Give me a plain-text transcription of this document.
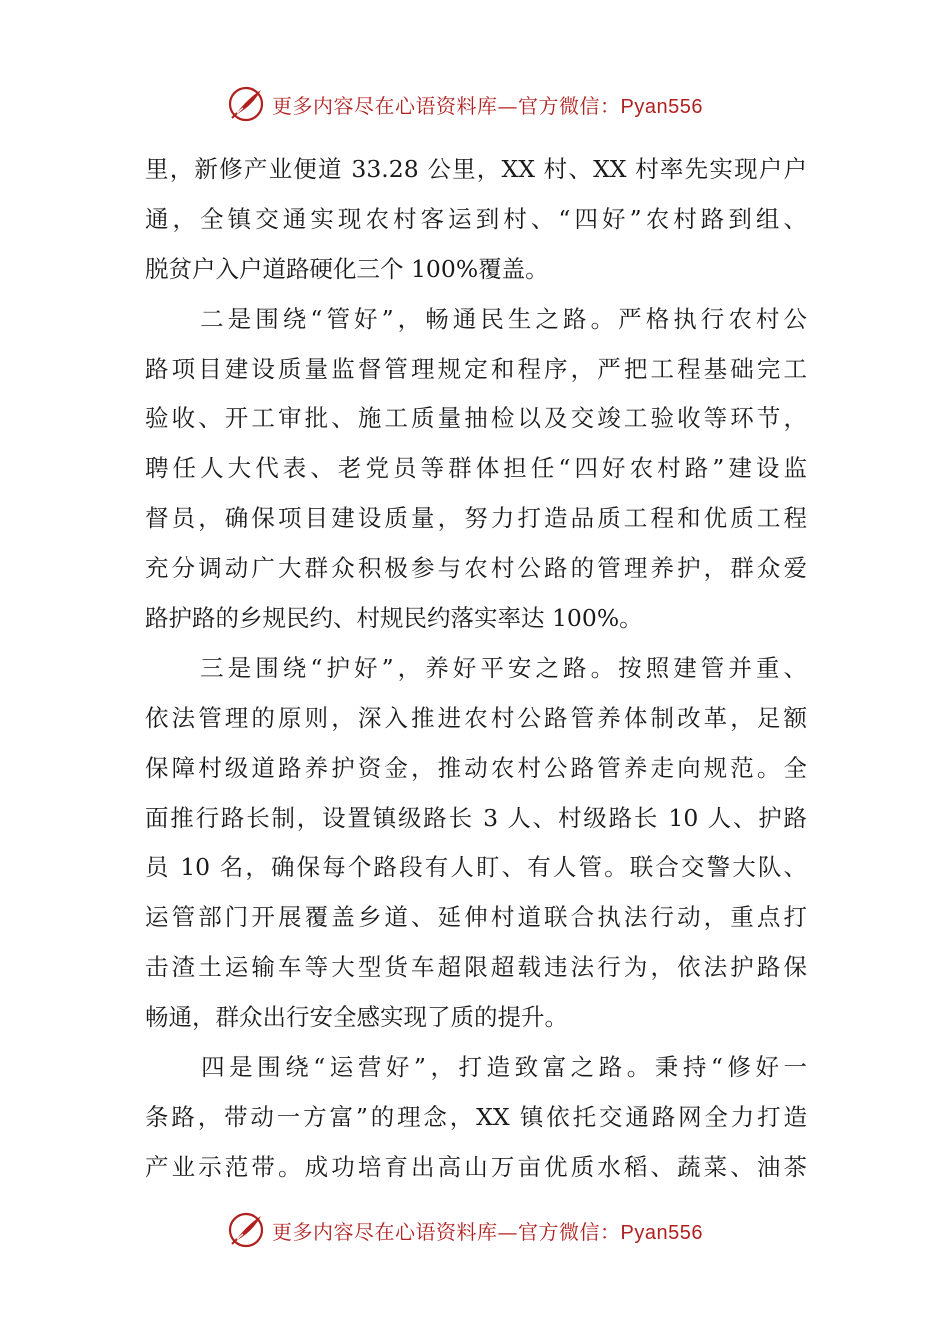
更多内容尽在心语资料库—官方微信：Pyan556
里，新修产业便道 33.28 公里，XX 村、XX 村率先实现户户
通，全镇交通实现农村客运到村、“四好”农村路到组、
脱贫户入户道路硬化三个 100%覆盖。
　　二是围绕“管好”，畅通民生之路。严格执行农村公
路项目建设质量监督管理规定和程序，严把工程基础完工
验收、开工审批、施工质量抽检以及交竣工验收等环节，
聘任人大代表、老党员等群体担任“四好农村路”建设监
督员，确保项目建设质量，努力打造品质工程和优质工程
充分调动广大群众积极参与农村公路的管理养护，群众爱
路护路的乡规民约、村规民约落实率达 100%。
　　三是围绕“护好”，养好平安之路。按照建管并重、
依法管理的原则，深入推进农村公路管养体制改革，足额
保障村级道路养护资金，推动农村公路管养走向规范。全
面推行路长制，设置镇级路长 3 人、村级路长 10 人、护路
员 10 名，确保每个路段有人盯、有人管。联合交警大队、
运管部门开展覆盖乡道、延伸村道联合执法行动，重点打
击渣土运输车等大型货车超限超载违法行为，依法护路保
畅通，群众出行安全感实现了质的提升。
　　四是围绕“运营好”，打造致富之路。秉持“修好一
条路，带动一方富”的理念，XX 镇依托交通路网全力打造
产业示范带。成功培育出高山万亩优质水稻、蔬菜、油茶
更多内容尽在心语资料库—官方微信：Pyan556
